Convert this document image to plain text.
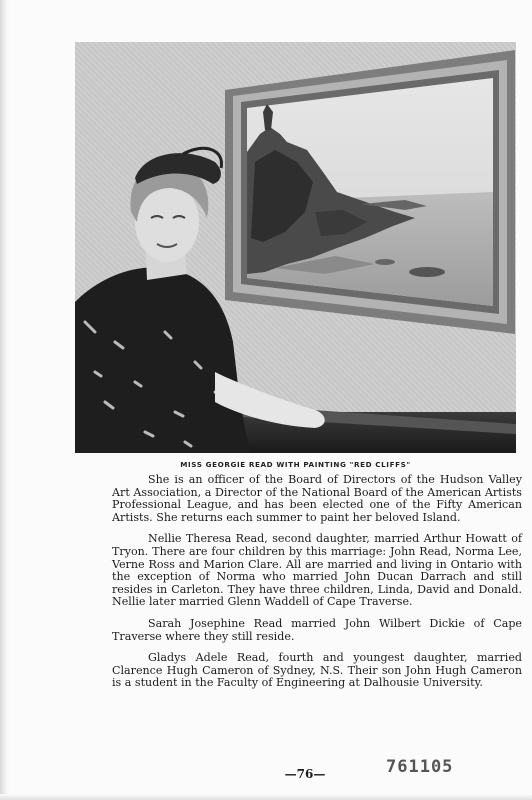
MISS GEORGIE READ WITH PAINTING "RED CLIFFS"

She is an officer of the Board of Directors of the Hudson Valley Art Association, a Director of the National Board of the American Artists Professional League, and has been elected one of the Fifty American Artists. She returns each summer to paint her beloved Island.

Nellie Theresa Read, second daughter, married Arthur Howatt of Tryon. There are four children by this marriage: John Read, Norma Lee, Verne Ross and Marion Clare. All are married and living in Ontario with the exception of Norma who married John Ducan Darrach and still resides in Carleton. They have three children, Linda, David and Donald. Nellie later married Glenn Waddell of Cape Traverse.

Sarah Josephine Read married John Wilbert Dickie of Cape Traverse where they still reside.

Gladys Adele Read, fourth and youngest daughter, married Clarence Hugh Cameron of Sydney, N.S. Their son John Hugh Cameron is a student in the Faculty of Engineering at Dalhousie University.

—76—	761105
